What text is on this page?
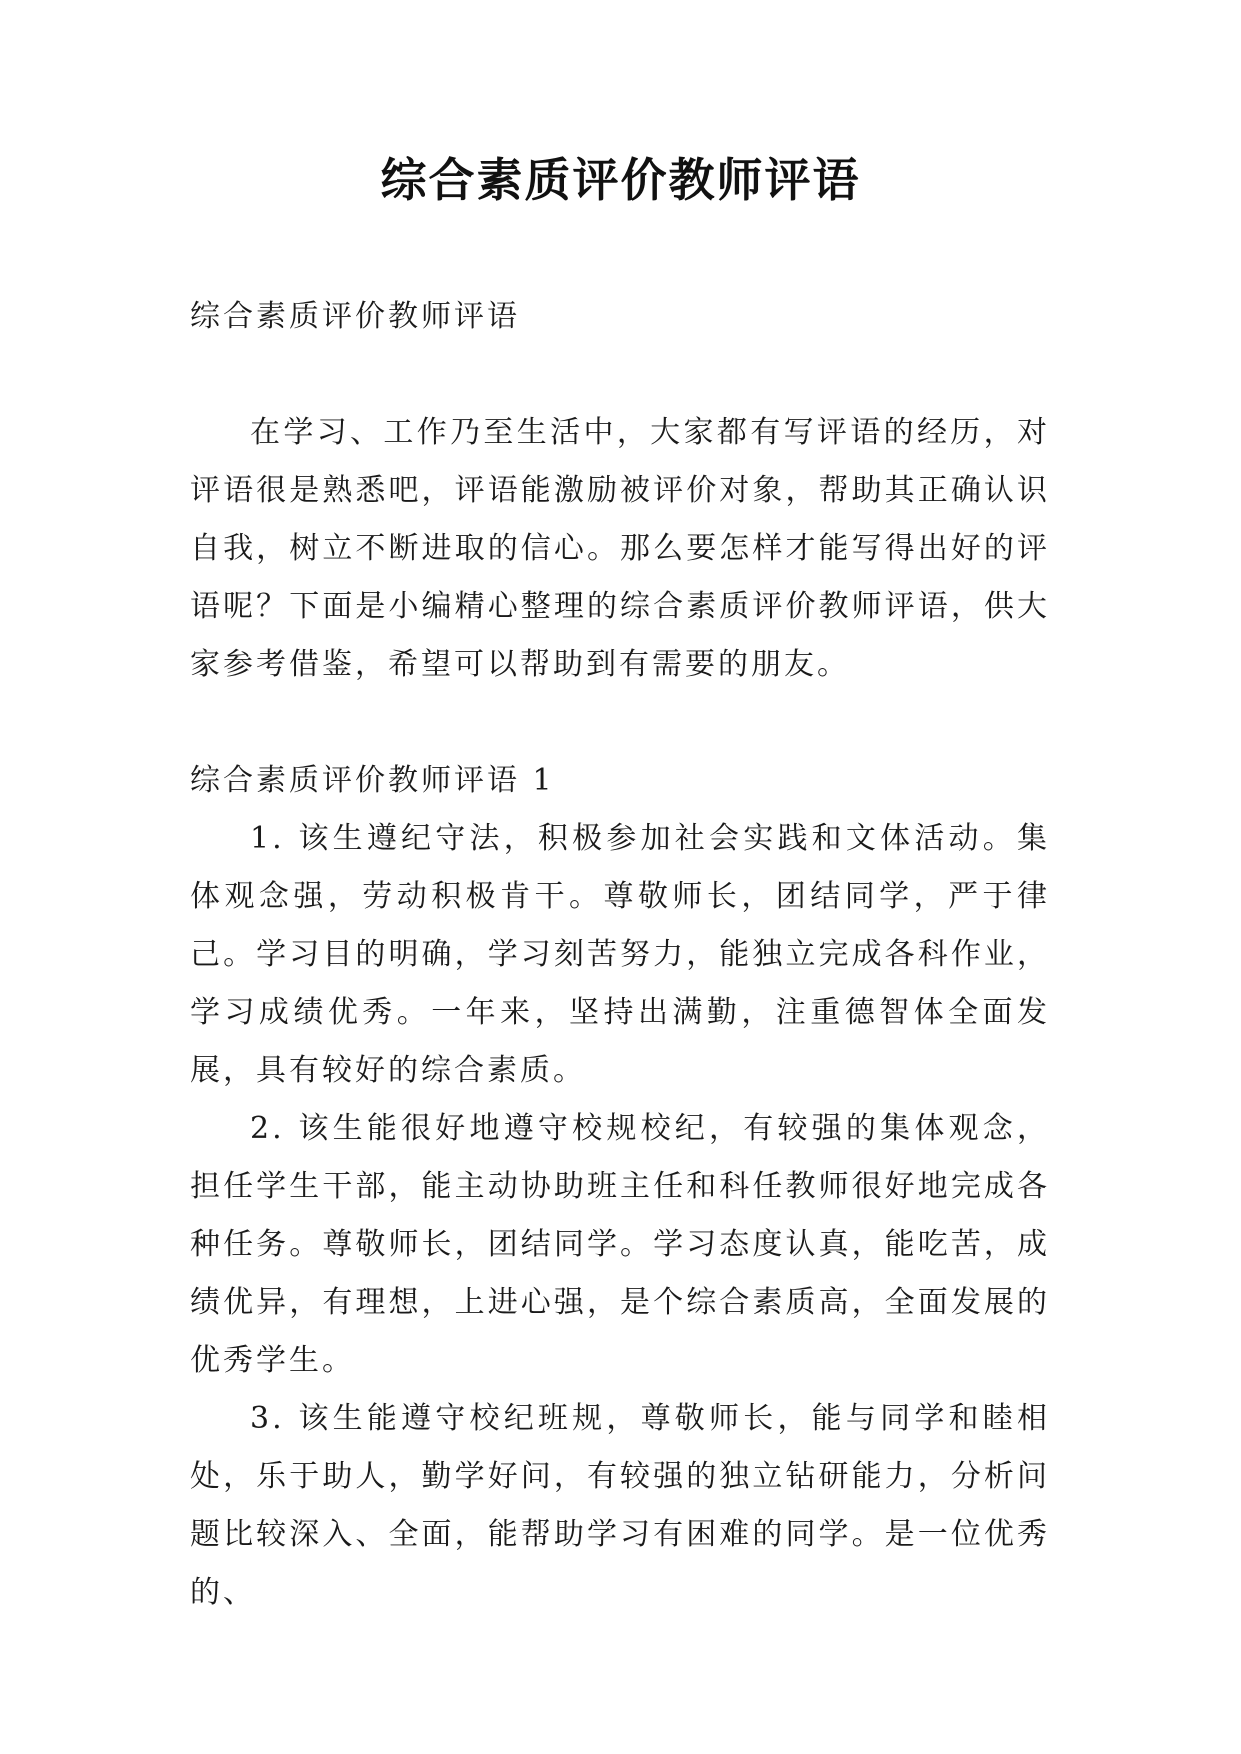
综合素质评价教师评语

综合素质评价教师评语

在学习、工作乃至生活中，大家都有写评语的经历，对评语很是熟悉吧，评语能激励被评价对象，帮助其正确认识自我，树立不断进取的信心。那么要怎样才能写得出好的评语呢？下面是小编精心整理的综合素质评价教师评语，供大家参考借鉴，希望可以帮助到有需要的朋友。

综合素质评价教师评语 1

1. 该生遵纪守法，积极参加社会实践和文体活动。集体观念强，劳动积极肯干。尊敬师长，团结同学，严于律己。学习目的明确，学习刻苦努力，能独立完成各科作业，学习成绩优秀。一年来，坚持出满勤，注重德智体全面发展，具有较好的综合素质。

2. 该生能很好地遵守校规校纪，有较强的集体观念，担任学生干部，能主动协助班主任和科任教师很好地完成各种任务。尊敬师长，团结同学。学习态度认真，能吃苦，成绩优异，有理想，上进心强，是个综合素质高，全面发展的优秀学生。

3. 该生能遵守校纪班规，尊敬师长，能与同学和睦相处，乐于助人，勤学好问，有较强的独立钻研能力，分析问题比较深入、全面，能帮助学习有困难的同学。是一位优秀的、
